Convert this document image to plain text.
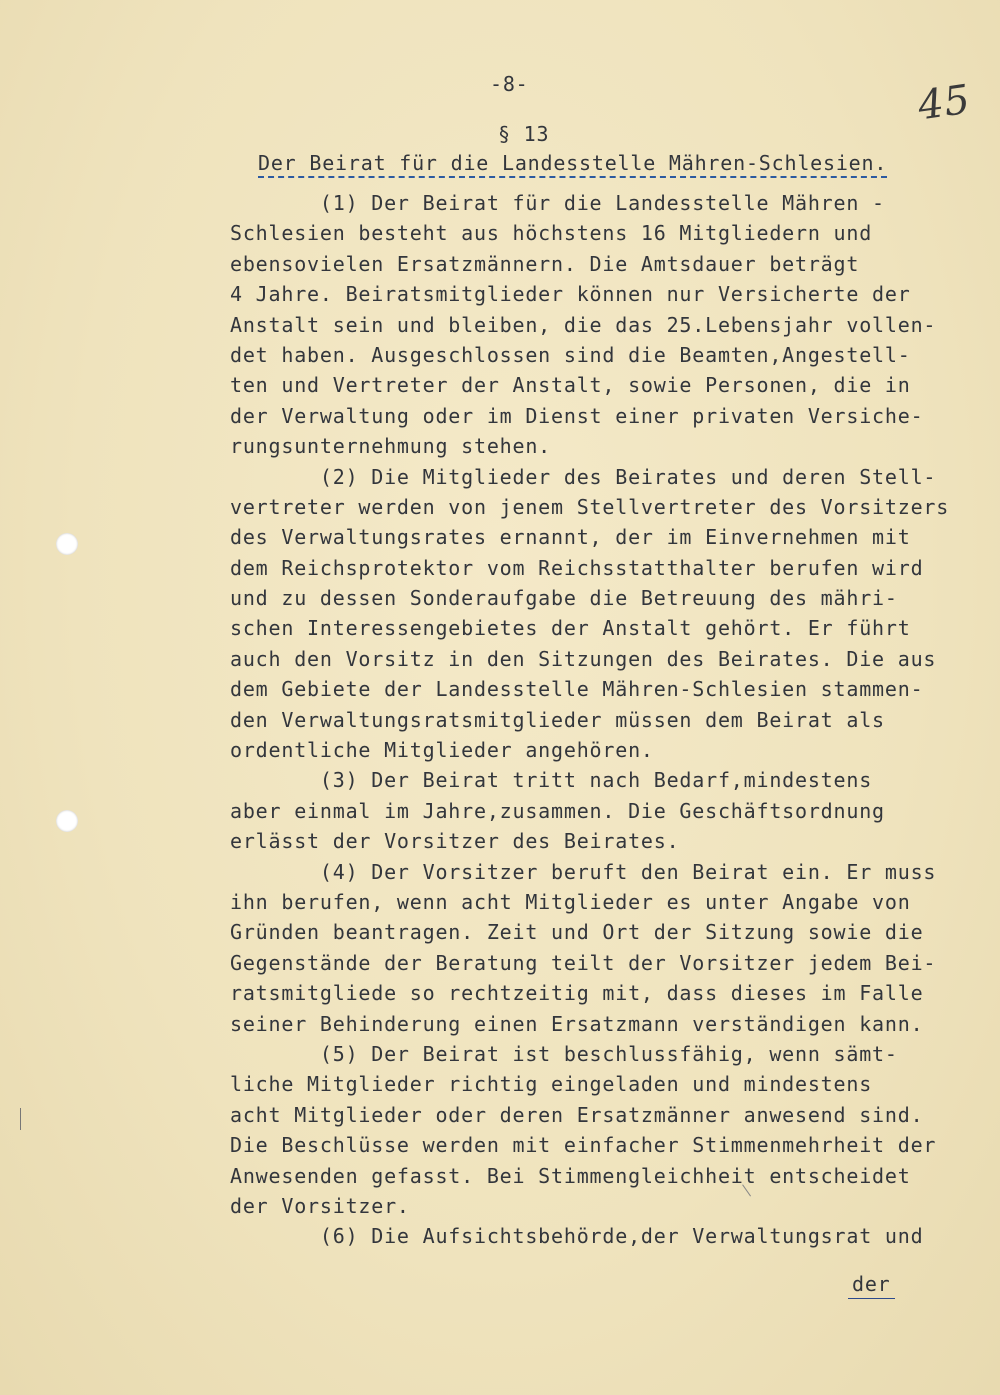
-8-	45
§ 13
Der Beirat für die Landesstelle Mähren-Schlesien.
(1) Der Beirat für die Landesstelle Mähren -
Schlesien besteht aus höchstens 16 Mitgliedern und
ebensovielen Ersatzmännern. Die Amtsdauer beträgt
4 Jahre. Beiratsmitglieder können nur Versicherte der
Anstalt sein und bleiben, die das 25.Lebensjahr vollen-
det haben. Ausgeschlossen sind die Beamten,Angestell-
ten und Vertreter der Anstalt, sowie Personen, die in
der Verwaltung oder im Dienst einer privaten Versiche-
rungsunternehmung stehen.
(2) Die Mitglieder des Beirates und deren Stell-
vertreter werden von jenem Stellvertreter des Vorsitzers
des Verwaltungsrates ernannt, der im Einvernehmen mit
dem Reichsprotektor vom Reichsstatthalter berufen wird
und zu dessen Sonderaufgabe die Betreuung des mähri-
schen Interessengebietes der Anstalt gehört. Er führt
auch den Vorsitz in den Sitzungen des Beirates. Die aus
dem Gebiete der Landesstelle Mähren-Schlesien stammen-
den Verwaltungsratsmitglieder müssen dem Beirat als
ordentliche Mitglieder angehören.
(3) Der Beirat tritt nach Bedarf,mindestens
aber einmal im Jahre,zusammen. Die Geschäftsordnung
erlässt der Vorsitzer des Beirates.
(4) Der Vorsitzer beruft den Beirat ein. Er muss
ihn berufen, wenn acht Mitglieder es unter Angabe von
Gründen beantragen. Zeit und Ort der Sitzung sowie die
Gegenstände der Beratung teilt der Vorsitzer jedem Bei-
ratsmitgliede so rechtzeitig mit, dass dieses im Falle
seiner Behinderung einen Ersatzmann verständigen kann.
(5) Der Beirat ist beschlussfähig, wenn sämt-
liche Mitglieder richtig eingeladen und mindestens
acht Mitglieder oder deren Ersatzmänner anwesend sind.
Die Beschlüsse werden mit einfacher Stimmenmehrheit der
Anwesenden gefasst. Bei Stimmengleichheit entscheidet
der Vorsitzer.
(6) Die Aufsichtsbehörde,der Verwaltungsrat und
der
